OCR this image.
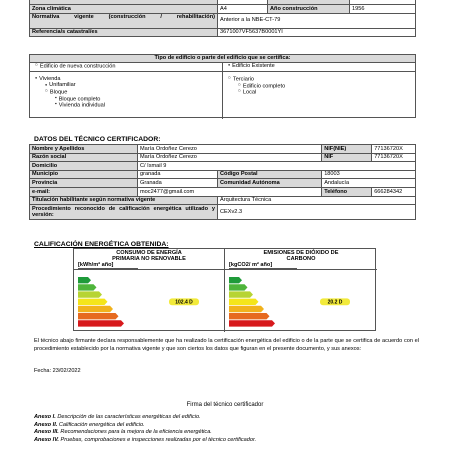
Zona climática	A4	Año construcción	1956
Normativa vigente (construcción / rehabilitación)	Anterior a la NBE-CT-79		
Referencia/s catastral/es	3671007VF5637B0001YI		
Tipo de edificio o parte del edificio que se certifica:
○ Edificio de nueva construcción ●	Edificio Existente
● Vivienda
● Unifamiliar
○ Bloque
▪ Bloque completo
▪ Vivienda individual
○ Terciario
○ Edificio completo
○ Local
DATOS DEL TÉCNICO CERTIFICADOR:
Nombre y Apellidos	María Ordoñez Cerezo		NIF(NIE)	77136720X
Razón social	María Ordoñez Cerezo		NIF	77136720X
Domicilio	C/ Ismail 9			
Municipio	granada	Código Postal	18003	
Provincia	Granada	Comunidad Autónoma	Andalucía	
e-mail:	moc2477@gmail.com		Teléfono	666284342
Titulación habilitante según normativa vigente		Arquitectura Técnica		
Procedimiento reconocido de calificación energética utilizado y versión:		CEXv2.3		
CALIFICACIÓN ENERGÉTICA OBTENIDA:
CONSUMO DE ENERGÍA
PRIMARIA NO RENOVABLE
[kWh/m² año]
102.4 D
EMISIONES DE DIÓXIDO DE
CARBONO
[kgCO2/ m² año]
20.2 D
El técnico abajo firmante declara responsablemente que ha realizado la certificación energética del edificio o de la parte que se certifica de acuerdo con el procedimiento establecido por la normativa vigente y que son ciertos los datos que figuran en el presente documento, y sus anexos:
Fecha: 23/02/2022
Firma del técnico certificador
Anexo I. Descripción de las características energéticas del edificio.
Anexo II. Calificación energética del edificio.
Anexo III. Recomendaciones para la mejora de la eficiencia energética.
Anexo IV. Pruebas, comprobaciones e inspecciones realizadas por el técnico certificador.
